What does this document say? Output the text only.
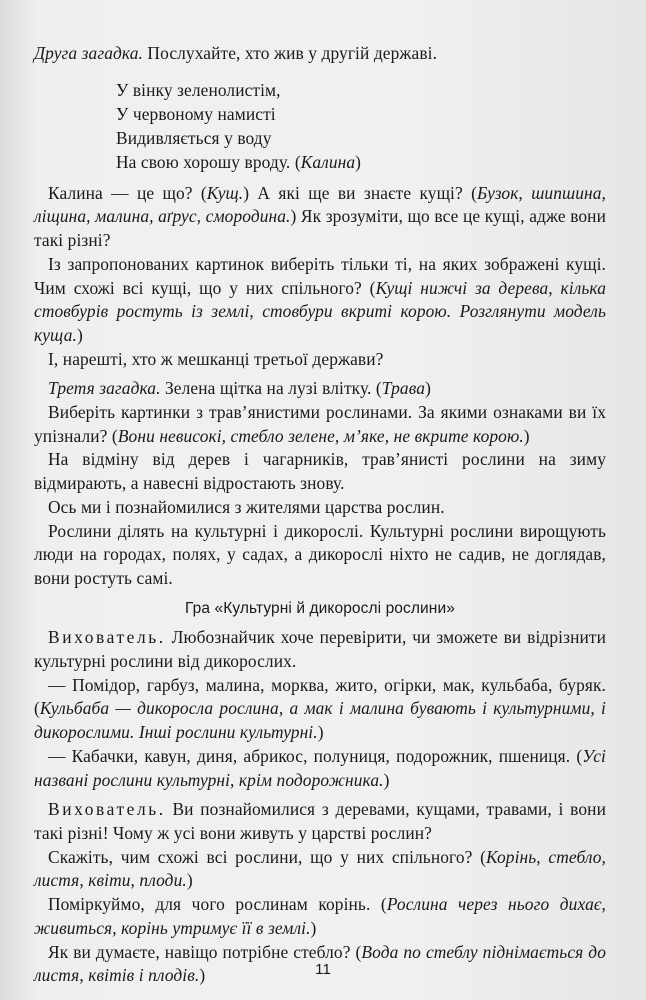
Друга загадка. Послухайте, хто жив у другій державі.

У вінку зеленолистім,
У червоному намисті
Видивляється у воду
На свою хорошу вроду. (Калина)

Калина — це що? (Кущ.) А які ще ви знаєте кущі? (Бузок, шипшина, ліщина, малина, аґрус, смородина.) Як зрозуміти, що все це кущі, адже вони такі різні?

Із запропонованих картинок виберіть тільки ті, на яких зображені кущі. Чим схожі всі кущі, що у них спільного? (Кущі нижчі за дерева, кілька стовбурів ростуть із землі, стовбури вкриті корою. Розглянути модель куща.)

І, нарешті, хто ж мешканці третьої держави?

Третя загадка. Зелена щітка на лузі влітку. (Трава)

Виберіть картинки з трав’янистими рослинами. За якими ознаками ви їх упізнали? (Вони невисокі, стебло зелене, м’яке, не вкрите корою.)

На відміну від дерев і чагарників, трав’янисті рослини на зиму відмирають, а навесні відростають знову.

Ось ми і познайомилися з жителями царства рослин.

Рослини ділять на культурні і дикорослі. Культурні рослини вирощують люди на городах, полях, у садах, а дикорослі ніхто не садив, не доглядав, вони ростуть самі.

Гра «Культурні й дикорослі рослини»

Вихователь. Любознайчик хоче перевірити, чи зможете ви відрізнити культурні рослини від дикорослих.

— Помідор, гарбуз, малина, морква, жито, огірки, мак, кульбаба, буряк. (Кульбаба — дикоросла рослина, а мак і малина бувають і культурними, і дикорослими. Інші рослини культурні.)

— Кабачки, кавун, диня, абрикос, полуниця, подорожник, пшениця. (Усі названі рослини культурні, крім подорожника.)

Вихователь. Ви познайомилися з деревами, кущами, травами, і вони такі різні! Чому ж усі вони живуть у царстві рослин?

Скажіть, чим схожі всі рослини, що у них спільного? (Корінь, стебло, листя, квіти, плоди.)

Поміркуймо, для чого рослинам корінь. (Рослина через нього дихає, живиться, корінь утримує її в землі.)

Як ви думаєте, навіщо потрібне стебло? (Вода по стеблу піднімається до листя, квітів і плодів.)	11
